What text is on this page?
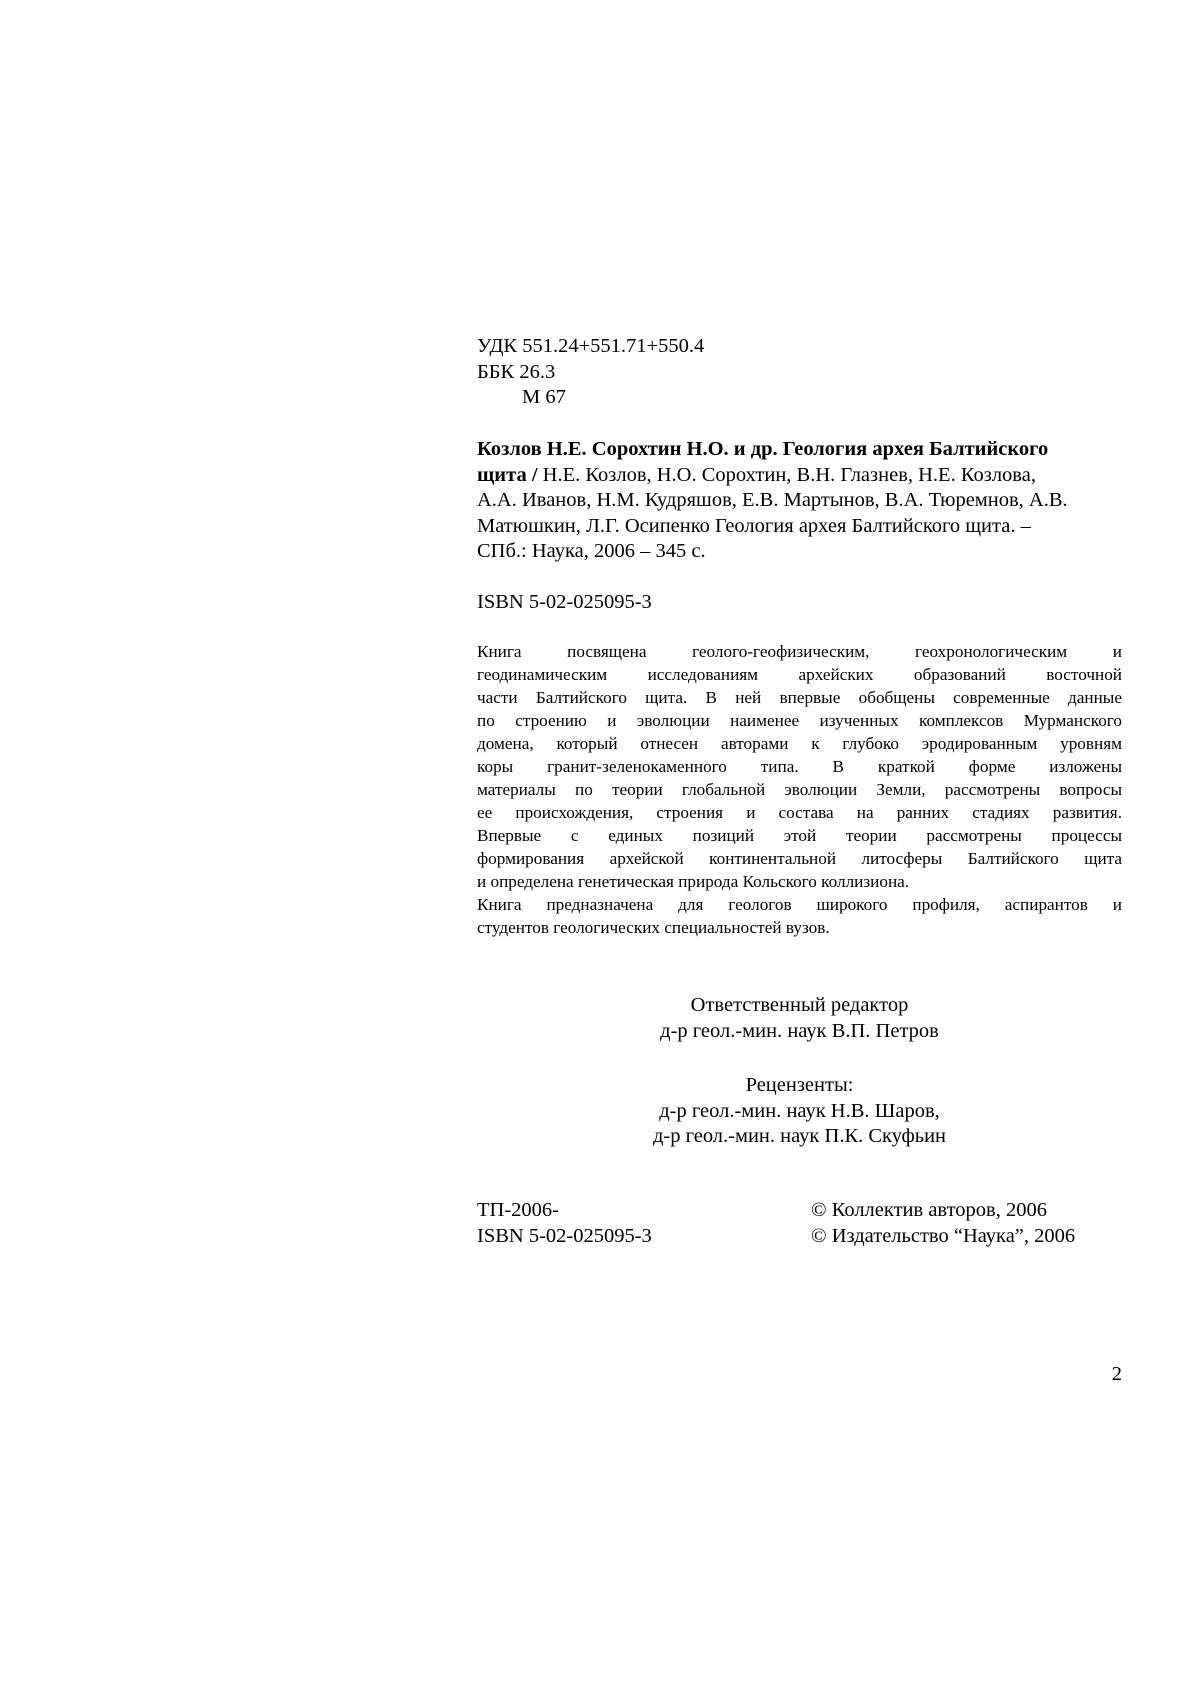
УДК 551.24+551.71+550.4
ББК 26.3
М 67
Козлов Н.Е. Сорохтин Н.О. и др. Геология архея Балтийского
щита / Н.Е. Козлов, Н.О. Сорохтин, В.Н. Глазнев, Н.Е. Козлова,
А.А. Иванов, Н.М. Кудряшов, Е.В. Мартынов, В.А. Тюремнов, А.В.
Матюшкин, Л.Г. Осипенко Геология архея Балтийского щита. –
СПб.: Наука, 2006 – 345 с.
ISBN 5-02-025095-3
Книга посвящена геолого-геофизическим, геохронологическим и
геодинамическим исследованиям архейских образований восточной
части Балтийского щита. В ней впервые обобщены современные данные
по строению и эволюции наименее изученных комплексов Мурманского
домена, который отнесен авторами к глубоко эродированным уровням
коры гранит-зеленокаменного типа. В краткой форме изложены
материалы по теории глобальной эволюции Земли, рассмотрены вопросы
ее происхождения, строения и состава на ранних стадиях развития.
Впервые с единых позиций этой теории рассмотрены процессы
формирования архейской континентальной литосферы Балтийского щита
и определена генетическая природа Кольского коллизиона.
Книга предназначена для геологов широкого профиля, аспирантов и
студентов геологических специальностей вузов.
Ответственный редактор
д-р геол.-мин. наук В.П. Петров
Рецензенты:
д-р геол.-мин. наук Н.В. Шаров,
д-р геол.-мин. наук П.К. Скуфьин
ТП-2006-
ISBN 5-02-025095-3
© Коллектив авторов, 2006
© Издательство “Наука”, 2006
2
